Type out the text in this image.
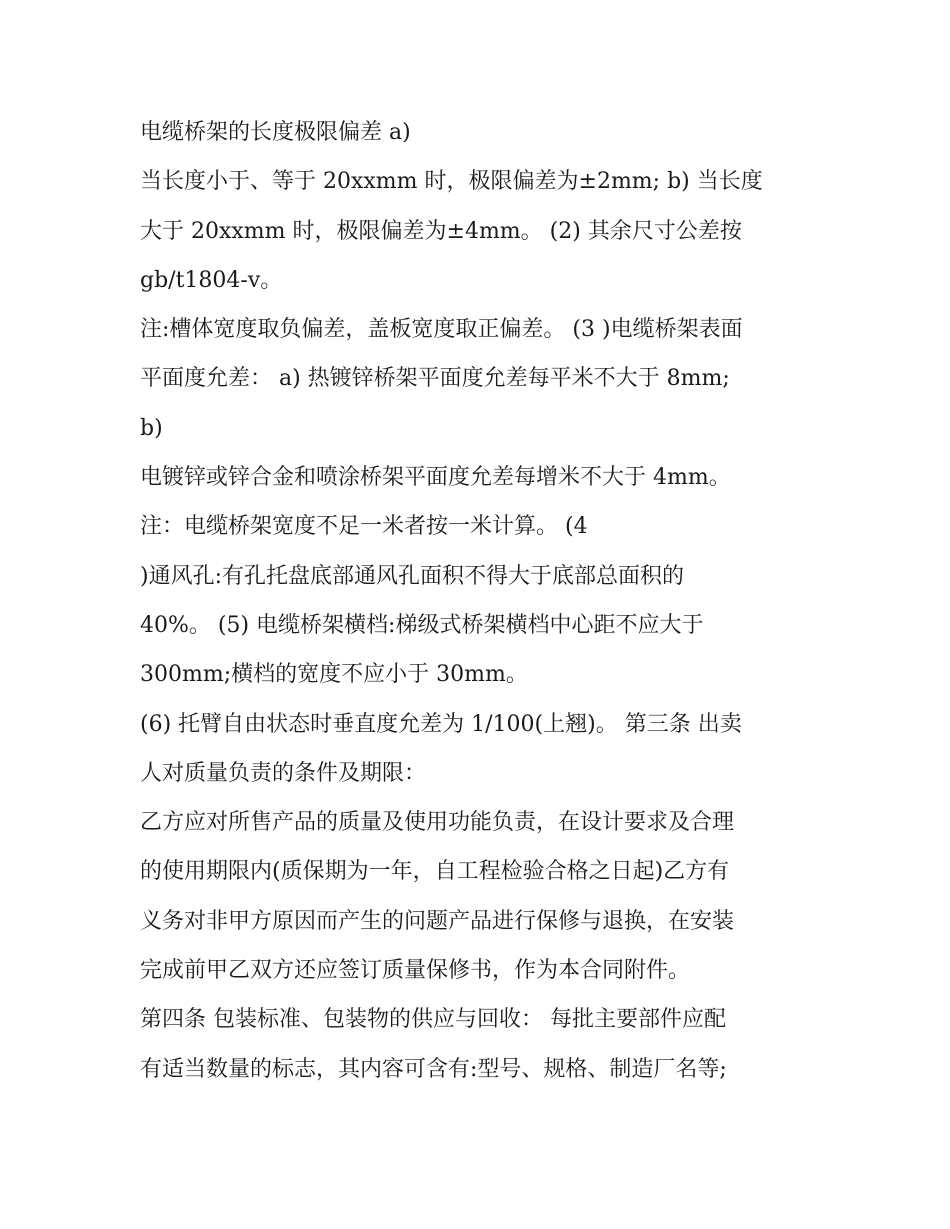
电缆桥架的长度极限偏差 a)
当长度小于、等于 20xxmm 时，极限偏差为±2mm; b) 当长度
大于 20xxmm 时，极限偏差为±4mm。 (2) 其余尺寸公差按
gb/t1804-v。
注:槽体宽度取负偏差，盖板宽度取正偏差。 (3 )电缆桥架表面
平面度允差： a) 热镀锌桥架平面度允差每平米不大于 8mm;
b)
电镀锌或锌合金和喷涂桥架平面度允差每增米不大于 4mm。
注：电缆桥架宽度不足一米者按一米计算。 (4
)通风孔:有孔托盘底部通风孔面积不得大于底部总面积的
40%。 (5) 电缆桥架横档:梯级式桥架横档中心距不应大于
300mm;横档的宽度不应小于 30mm。
(6) 托臂自由状态时垂直度允差为 1/100(上翘)。 第三条 出卖
人对质量负责的条件及期限：
乙方应对所售产品的质量及使用功能负责，在设计要求及合理
的使用期限内(质保期为一年，自工程检验合格之日起)乙方有
义务对非甲方原因而产生的问题产品进行保修与退换，在安装
完成前甲乙双方还应签订质量保修书，作为本合同附件。
第四条 包装标准、包装物的供应与回收： 每批主要部件应配
有适当数量的标志，其内容可含有:型号、规格、制造厂名等;
